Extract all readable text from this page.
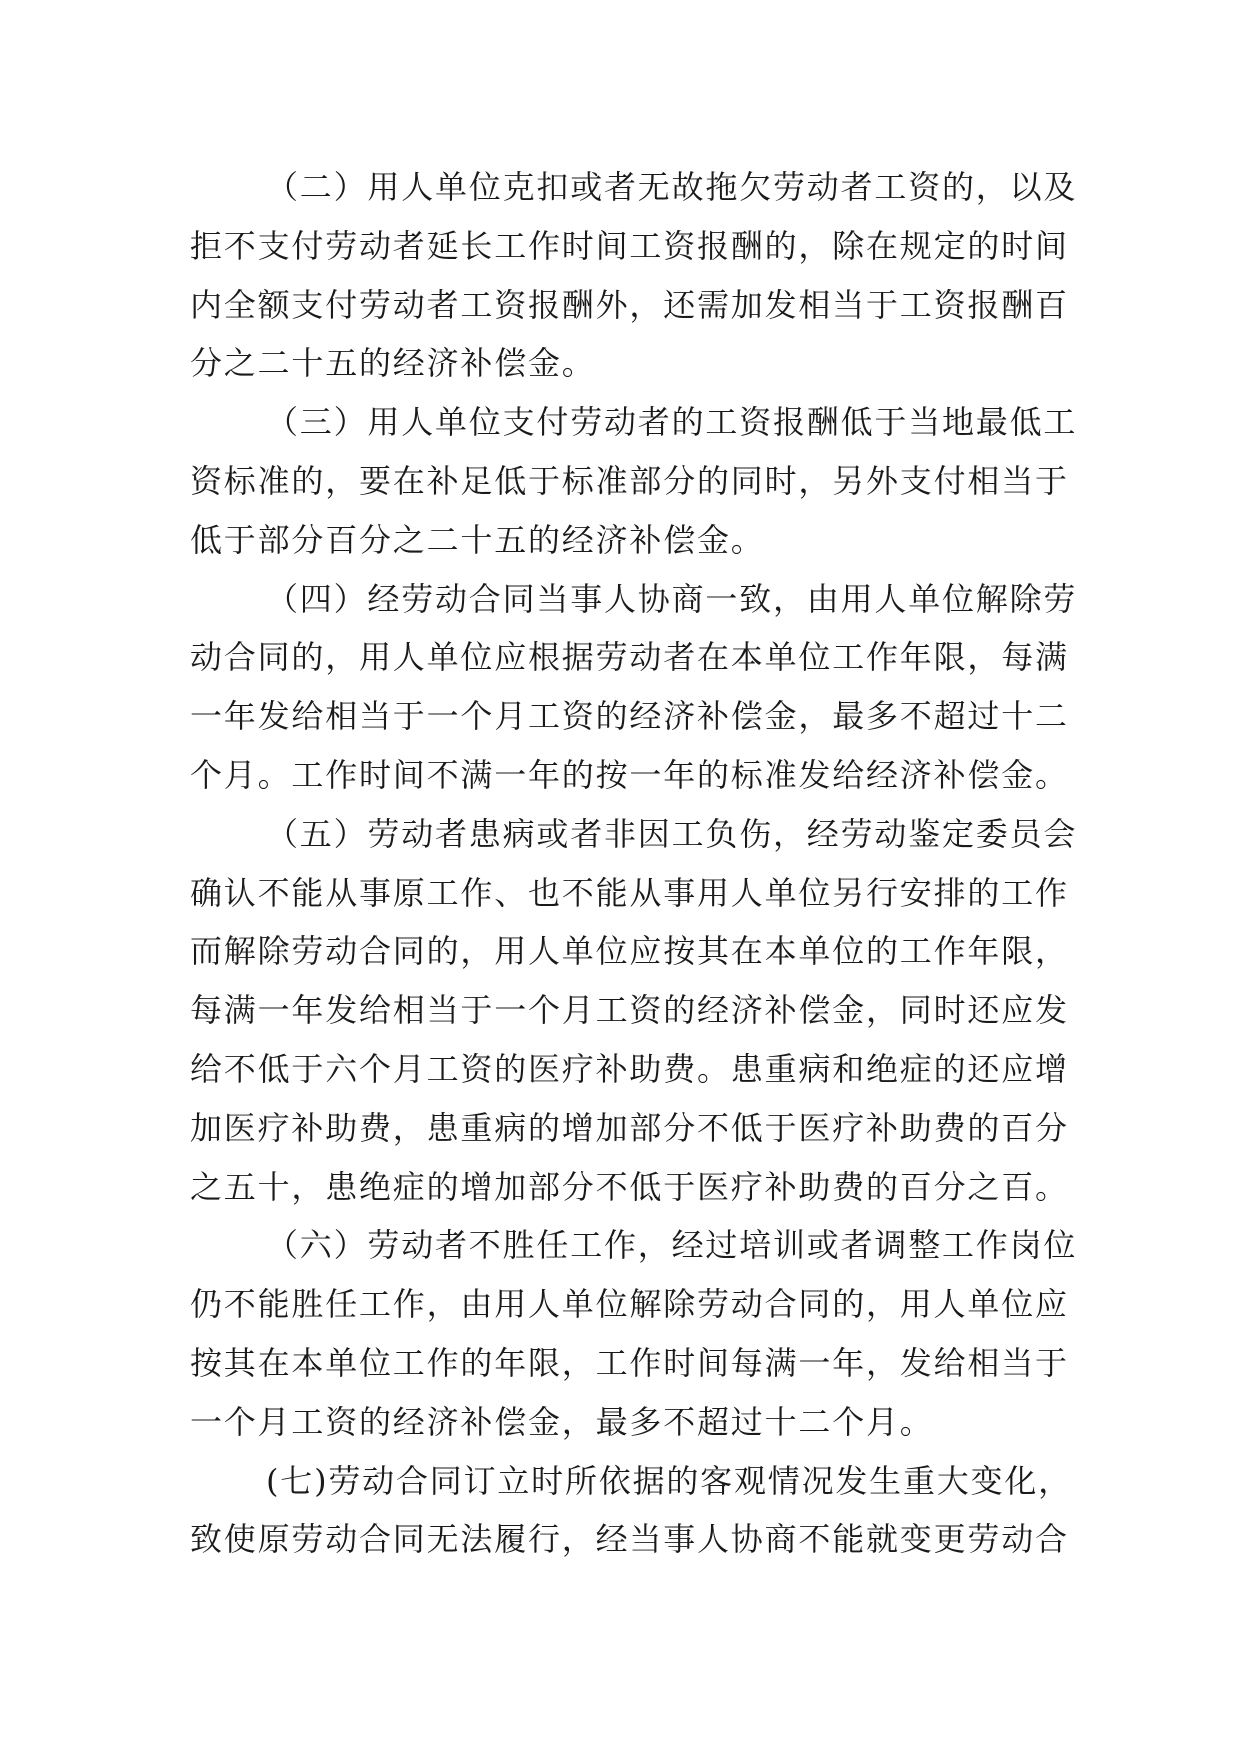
（二）用人单位克扣或者无故拖欠劳动者工资的，以及
拒不支付劳动者延长工作时间工资报酬的，除在规定的时间
内全额支付劳动者工资报酬外，还需加发相当于工资报酬百
分之二十五的经济补偿金。

（三）用人单位支付劳动者的工资报酬低于当地最低工
资标准的，要在补足低于标准部分的同时，另外支付相当于
低于部分百分之二十五的经济补偿金。

（四）经劳动合同当事人协商一致，由用人单位解除劳
动合同的，用人单位应根据劳动者在本单位工作年限，每满
一年发给相当于一个月工资的经济补偿金，最多不超过十二
个月。工作时间不满一年的按一年的标准发给经济补偿金。

（五）劳动者患病或者非因工负伤，经劳动鉴定委员会
确认不能从事原工作、也不能从事用人单位另行安排的工作
而解除劳动合同的，用人单位应按其在本单位的工作年限，
每满一年发给相当于一个月工资的经济补偿金，同时还应发
给不低于六个月工资的医疗补助费。患重病和绝症的还应增
加医疗补助费，患重病的增加部分不低于医疗补助费的百分
之五十，患绝症的增加部分不低于医疗补助费的百分之百。

（六）劳动者不胜任工作，经过培训或者调整工作岗位
仍不能胜任工作，由用人单位解除劳动合同的，用人单位应
按其在本单位工作的年限，工作时间每满一年，发给相当于
一个月工资的经济补偿金，最多不超过十二个月。

(七)劳动合同订立时所依据的客观情况发生重大变化，
致使原劳动合同无法履行，经当事人协商不能就变更劳动合
